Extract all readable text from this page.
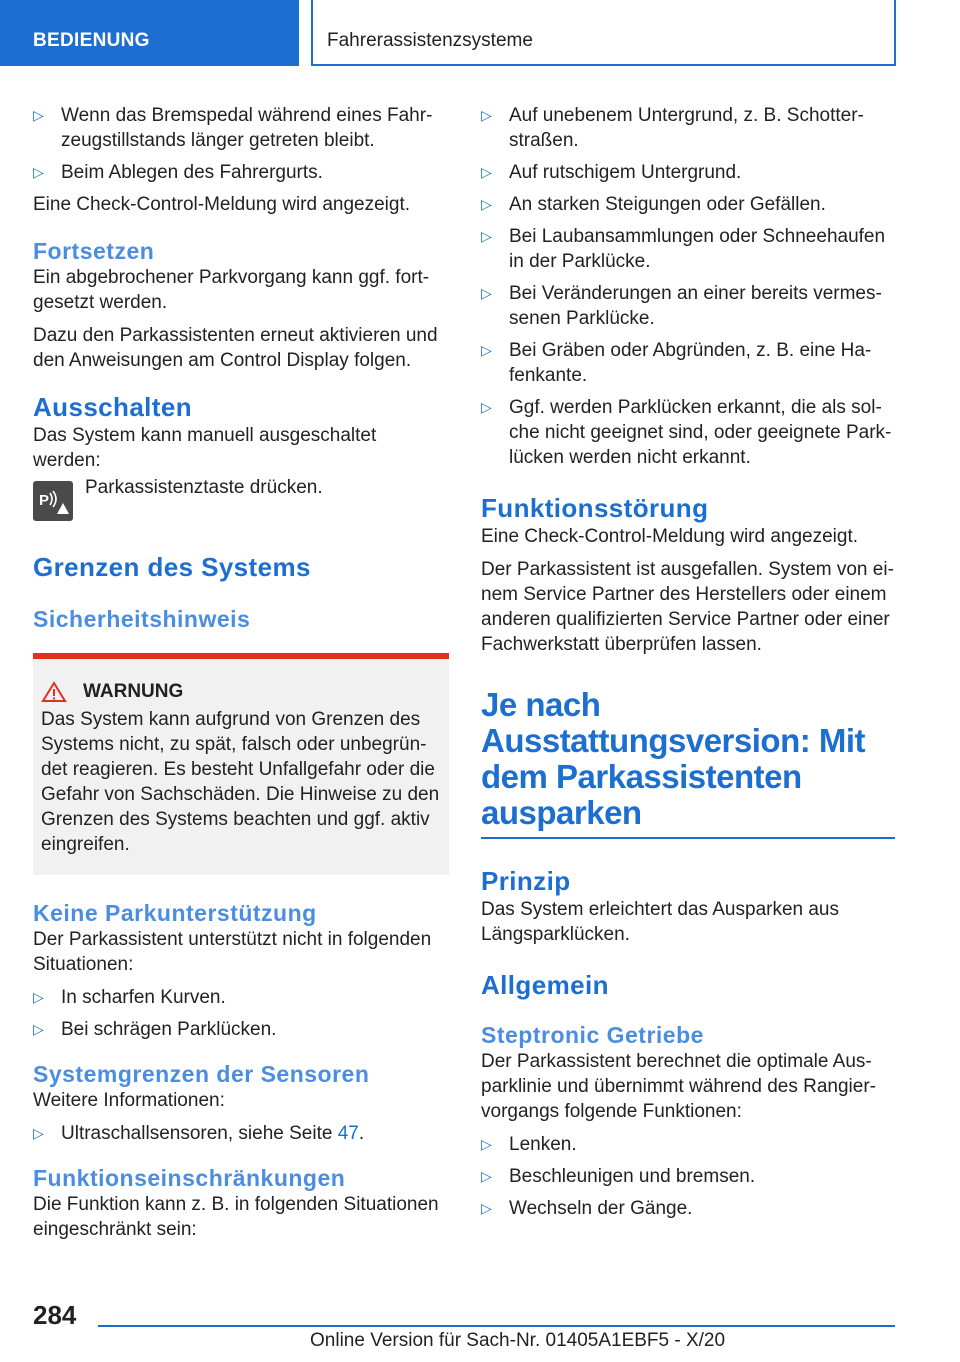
BEDIENUNG	Fahrerassistenzsysteme
▷ Wenn das Bremspedal während eines Fahr-zeugstillstands länger getreten bleibt.
▷ Beim Ablegen des Fahrergurts.

Eine Check-Control-Meldung wird angezeigt.

Fortsetzen

Ein abgebrochener Parkvorgang kann ggf. fort-gesetzt werden.

Dazu den Parkassistenten erneut aktivieren und den Anweisungen am Control Display folgen.

Ausschalten

Das System kann manuell ausgeschaltet werden:

P
Parkassistenztaste drücken.
Grenzen des Systems
Sicherheitshinweis
WARNUNG

Das System kann aufgrund von Grenzen des Systems nicht, zu spät, falsch oder unbegrün-det reagieren. Es besteht Unfallgefahr oder die Gefahr von Sachschäden. Die Hinweise zu den Grenzen des Systems beachten und ggf. aktiv eingreifen.

Keine Parkunterstützung

Der Parkassistent unterstützt nicht in folgenden Situationen:

▷ In scharfen Kurven.
▷ Bei schrägen Parklücken.
Systemgrenzen der Sensoren

Weitere Informationen:

▷ Ultraschallsensoren, siehe Seite 47.
Funktionseinschränkungen

Die Funktion kann z. B. in folgenden Situationen eingeschränkt sein:

▷ Auf unebenem Untergrund, z. B. Schotter-straßen.
▷ Auf rutschigem Untergrund.
▷ An starken Steigungen oder Gefällen.
▷ Bei Laubansammlungen oder Schneehaufen in der Parklücke.
▷ Bei Veränderungen an einer bereits vermes-senen Parklücke.
▷ Bei Gräben oder Abgründen, z. B. eine Ha-fenkante.
▷ Ggf. werden Parklücken erkannt, die als sol-che nicht geeignet sind, oder geeignete Park-lücken werden nicht erkannt.
Funktionsstörung

Eine Check-Control-Meldung wird angezeigt.

Der Parkassistent ist ausgefallen. System von ei-nem Service Partner des Herstellers oder einem anderen qualifizierten Service Partner oder einer Fachwerkstatt überprüfen lassen.

Je nach Ausstattungsversion: Mit dem Parkassistenten ausparken
Prinzip

Das System erleichtert das Ausparken aus Längsparklücken.

Allgemein
Steptronic Getriebe

Der Parkassistent berechnet die optimale Aus-parklinie und übernimmt während des Rangier-vorgangs folgende Funktionen:

▷ Lenken.
▷ Beschleunigen und bremsen.
▷ Wechseln der Gänge.
284
Online Version für Sach-Nr. 01405A1EBF5 - X/20
